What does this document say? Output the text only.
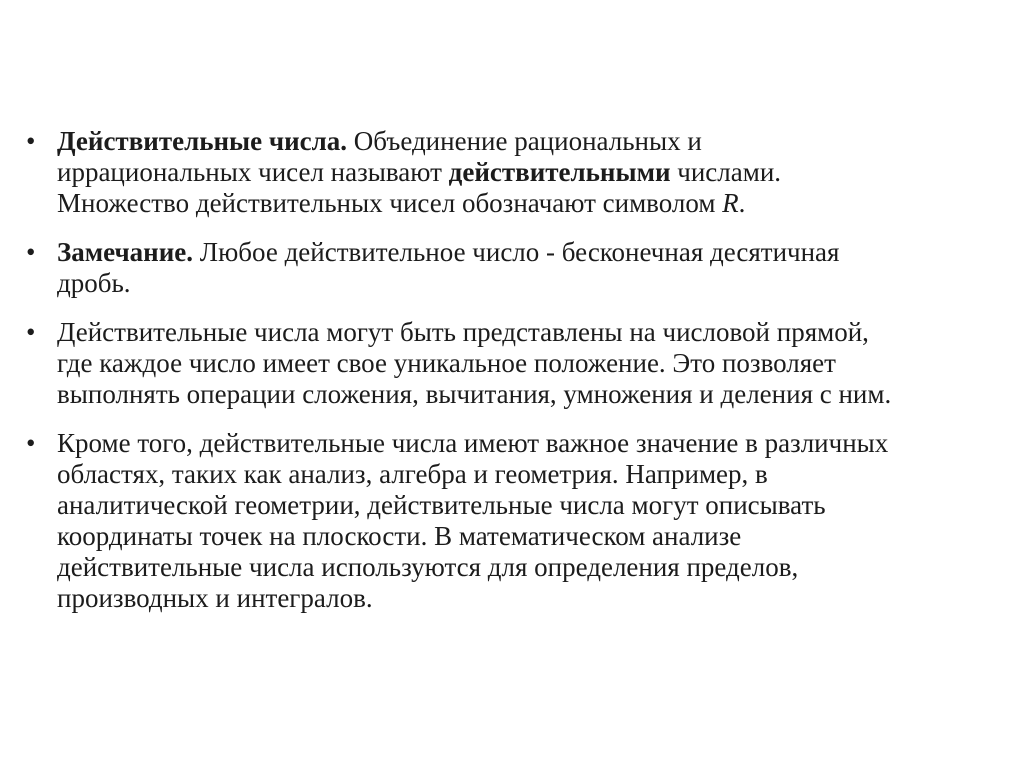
• Действительные числа. Объединение рациональных и
иррациональных чисел называют действительными числами.
Множество действительных чисел обозначают символом R.
• Замечание. Любое действительное число - бесконечная десятичная
дробь.
• Действительные числа могут быть представлены на числовой прямой,
где каждое число имеет свое уникальное положение. Это позволяет
выполнять операции сложения, вычитания, умножения и деления с ним.
• Кроме того, действительные числа имеют важное значение в различных
областях, таких как анализ, алгебра и геометрия. Например, в
аналитической геометрии, действительные числа могут описывать
координаты точек на плоскости. В математическом анализе
действительные числа используются для определения пределов,
производных и интегралов.
